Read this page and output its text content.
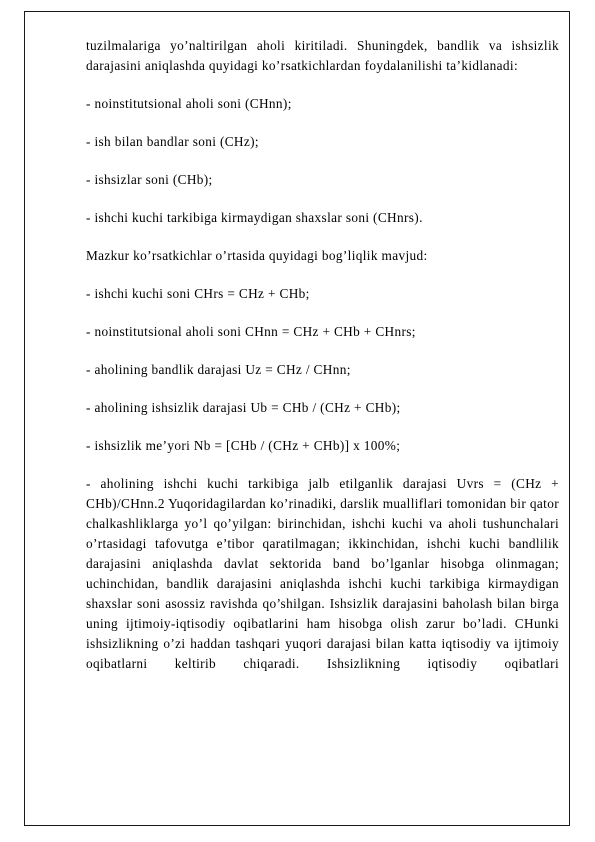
tuzilmalariga yo’naltirilgan aholi kiritiladi. Shuningdek, bandlik va ishsizlik darajasini aniqlashda quyidagi ko’rsatkichlardan foydalanilishi ta’kidlanadi:

- noinstitutsional aholi soni (CHnn);

- ish bilan bandlar soni (CHz);

- ishsizlar soni (CHb);

- ishchi kuchi tarkibiga kirmaydigan shaxslar soni (CHnrs).

Mazkur ko’rsatkichlar o’rtasida quyidagi bog’liqlik mavjud:

- ishchi kuchi soni CHrs = CHz + CHb;

- noinstitutsional aholi soni CHnn = CHz + CHb + CHnrs;

- aholining bandlik darajasi Uz = CHz / CHnn;

- aholining ishsizlik darajasi Ub = CHb / (CHz + CHb);

- ishsizlik me’yori Nb = [CHb / (CHz + CHb)] x 100%;

- aholining ishchi kuchi tarkibiga jalb etilganlik darajasi Uvrs = (CHz + CHb)/CHnn.2 Yuqoridagilardan ko’rinadiki, darslik mualliflari tomonidan bir qator chalkashliklarga yo’l qo’yilgan: birinchidan, ishchi kuchi va aholi tushunchalari o’rtasidagi tafovutga e’tibor qaratilmagan; ikkinchidan, ishchi kuchi bandlilik darajasini aniqlashda davlat sektorida band bo’lganlar hisobga olinmagan; uchinchidan, bandlik darajasini aniqlashda ishchi kuchi tarkibiga kirmaydigan shaxslar soni asossiz ravishda qo’shilgan. Ishsizlik darajasini baholash bilan birga uning ijtimoiy-iqtisodiy oqibatlarini ham hisobga olish zarur bo’ladi. CHunki ishsizlikning o’zi haddan tashqari yuqori darajasi bilan katta iqtisodiy va ijtimoiy oqibatlarni keltirib chiqaradi. Ishsizlikning iqtisodiy oqibatlari
